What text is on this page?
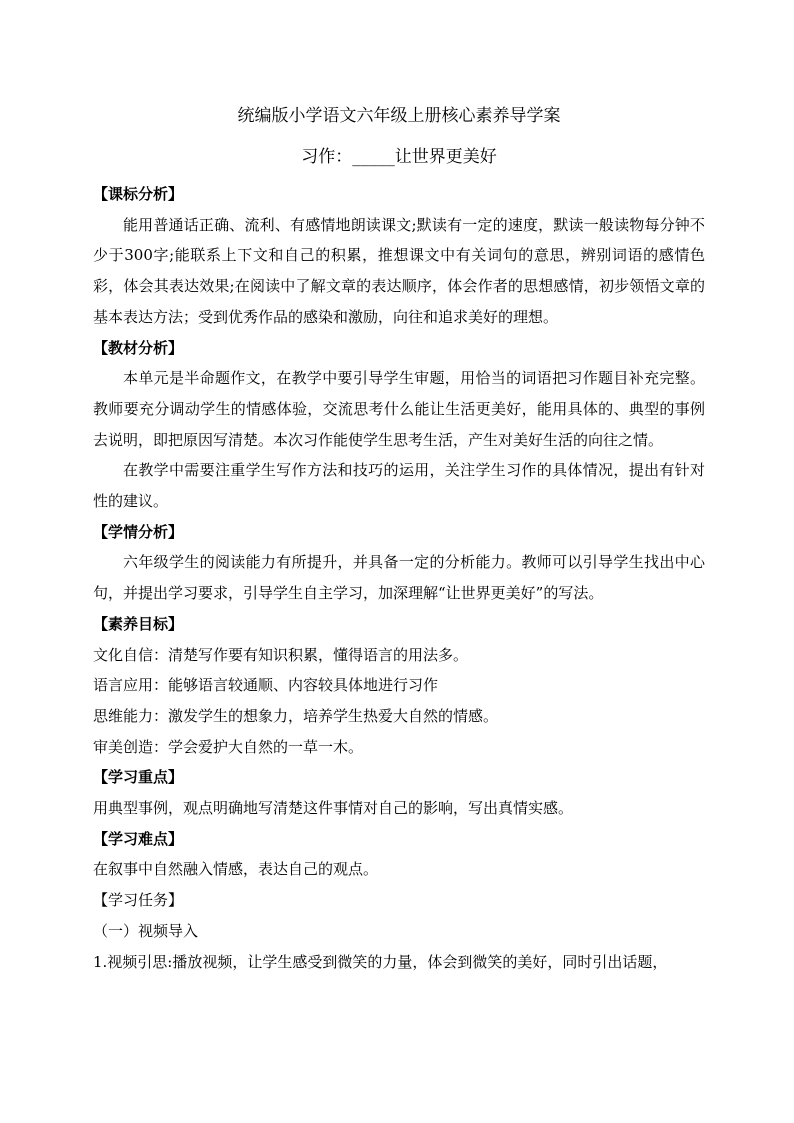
统编版小学语文六年级上册核心素养导学案
习作：_____让世界更美好

【课标分析】

能用普通话正确、流利、有感情地朗读课文;默读有一定的速度，默读一般读物每分钟不少于300字;能联系上下文和自己的积累，推想课文中有关词句的意思，辨别词语的感情色彩，体会其表达效果;在阅读中了解文章的表达顺序，体会作者的思想感情，初步领悟文章的基本表达方法；受到优秀作品的感染和激励，向往和追求美好的理想。

【教材分析】

本单元是半命题作文，在教学中要引导学生审题，用恰当的词语把习作题目补充完整。教师要充分调动学生的情感体验，交流思考什么能让生活更美好，能用具体的、典型的事例去说明，即把原因写清楚。本次习作能使学生思考生活，产生对美好生活的向往之情。

在教学中需要注重学生写作方法和技巧的运用，关注学生习作的具体情况，提出有针对性的建议。

【学情分析】

六年级学生的阅读能力有所提升，并具备一定的分析能力。教师可以引导学生找出中心句，并提出学习要求，引导学生自主学习，加深理解“让世界更美好”的写法。

【素养目标】

文化自信：清楚写作要有知识积累，懂得语言的用法多。

语言应用：能够语言较通顺、内容较具体地进行习作

思维能力：激发学生的想象力，培养学生热爱大自然的情感。

审美创造：学会爱护大自然的一草一木。

【学习重点】

用典型事例，观点明确地写清楚这件事情对自己的影响，写出真情实感。

【学习难点】

在叙事中自然融入情感，表达自己的观点。

【学习任务】

（一）视频导入

1.视频引思:播放视频，让学生感受到微笑的力量，体会到微笑的美好，同时引出话题，
